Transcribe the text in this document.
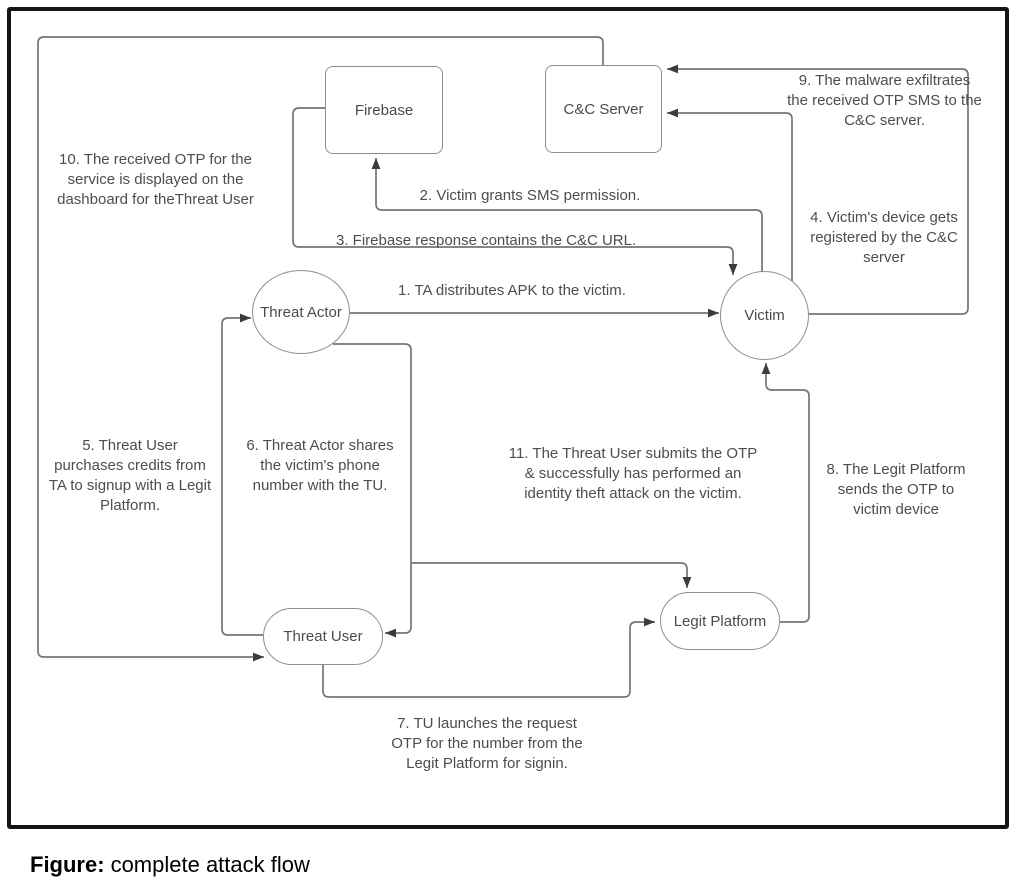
Firebase	C&C Server
Threat Actor	Victim
Threat User
Legit Platform
1. TA distributes APK to the victim.
2. Victim grants SMS permission.
3. Firebase response contains the C&C URL.
4. Victim's device gets registered by the C&C server
5. Threat User purchases credits from TA to signup with a Legit Platform.
6. Threat Actor shares the victim's phone number with the TU.
7. TU launches the request OTP for the number from the Legit Platform for signin.
8. The Legit Platform sends the OTP to victim device
9. The malware exfiltrates the received OTP SMS to the C&C server.
10. The received OTP for the service is displayed on the dashboard for theThreat User
11. The Threat User submits the OTP & successfully has performed an identity theft attack on the victim.
Figure: complete attack flow
